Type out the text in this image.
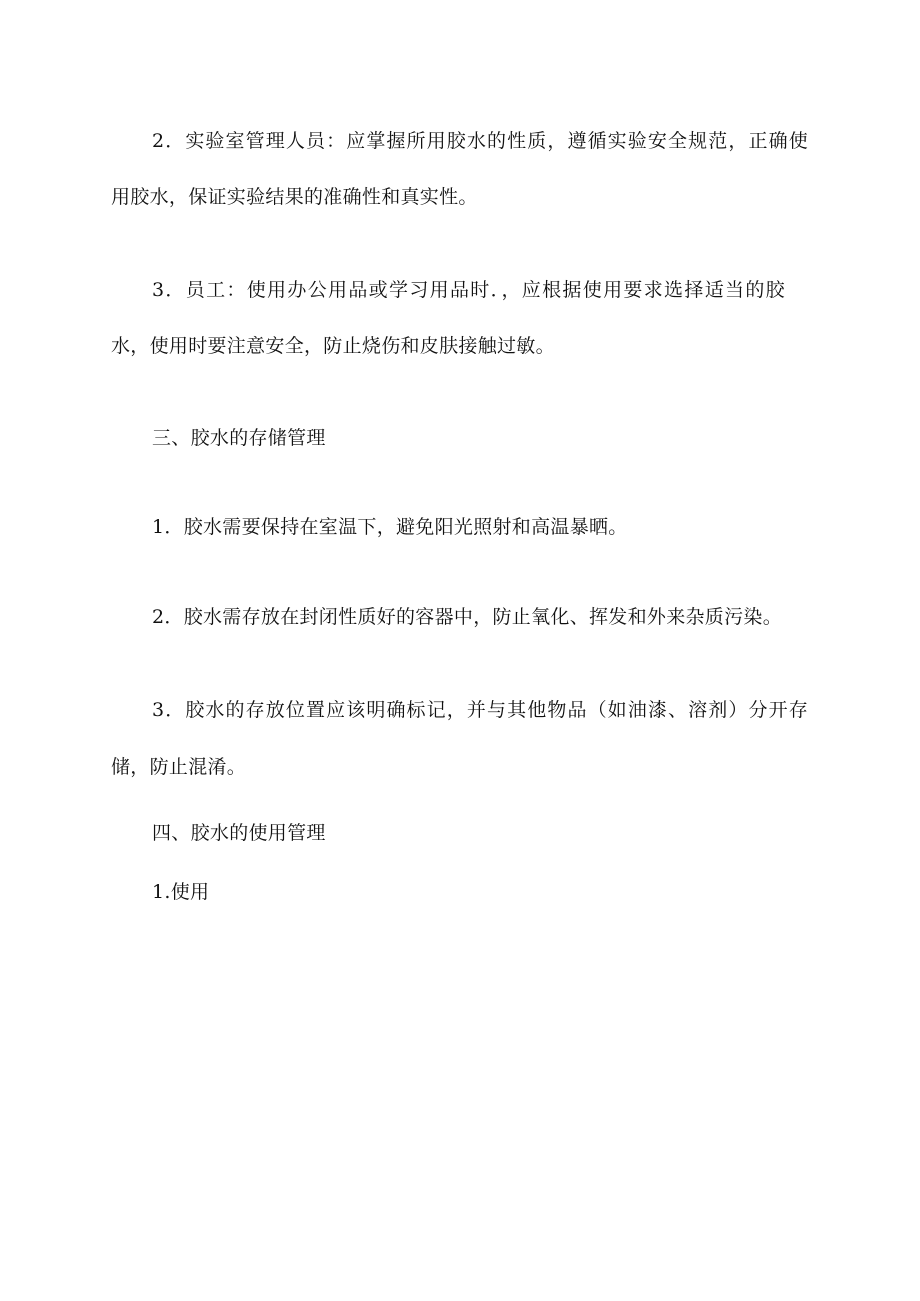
2．实验室管理人员：应掌握所用胶水的性质，遵循实验安全规范，正确使
用胶水，保证实验结果的准确性和真实性。
3．员工：使用办公用品或学习用品时．，应根据使用要求选择适当的胶
水，使用时要注意安全，防止烧伤和皮肤接触过敏。
三、胶水的存储管理
1．胶水需要保持在室温下，避免阳光照射和高温暴晒。
2．胶水需存放在封闭性质好的容器中，防止氧化、挥发和外来杂质污染。
3．胶水的存放位置应该明确标记，并与其他物品（如油漆、溶剂）分开存
储，防止混淆。
四、胶水的使用管理
1.使用
